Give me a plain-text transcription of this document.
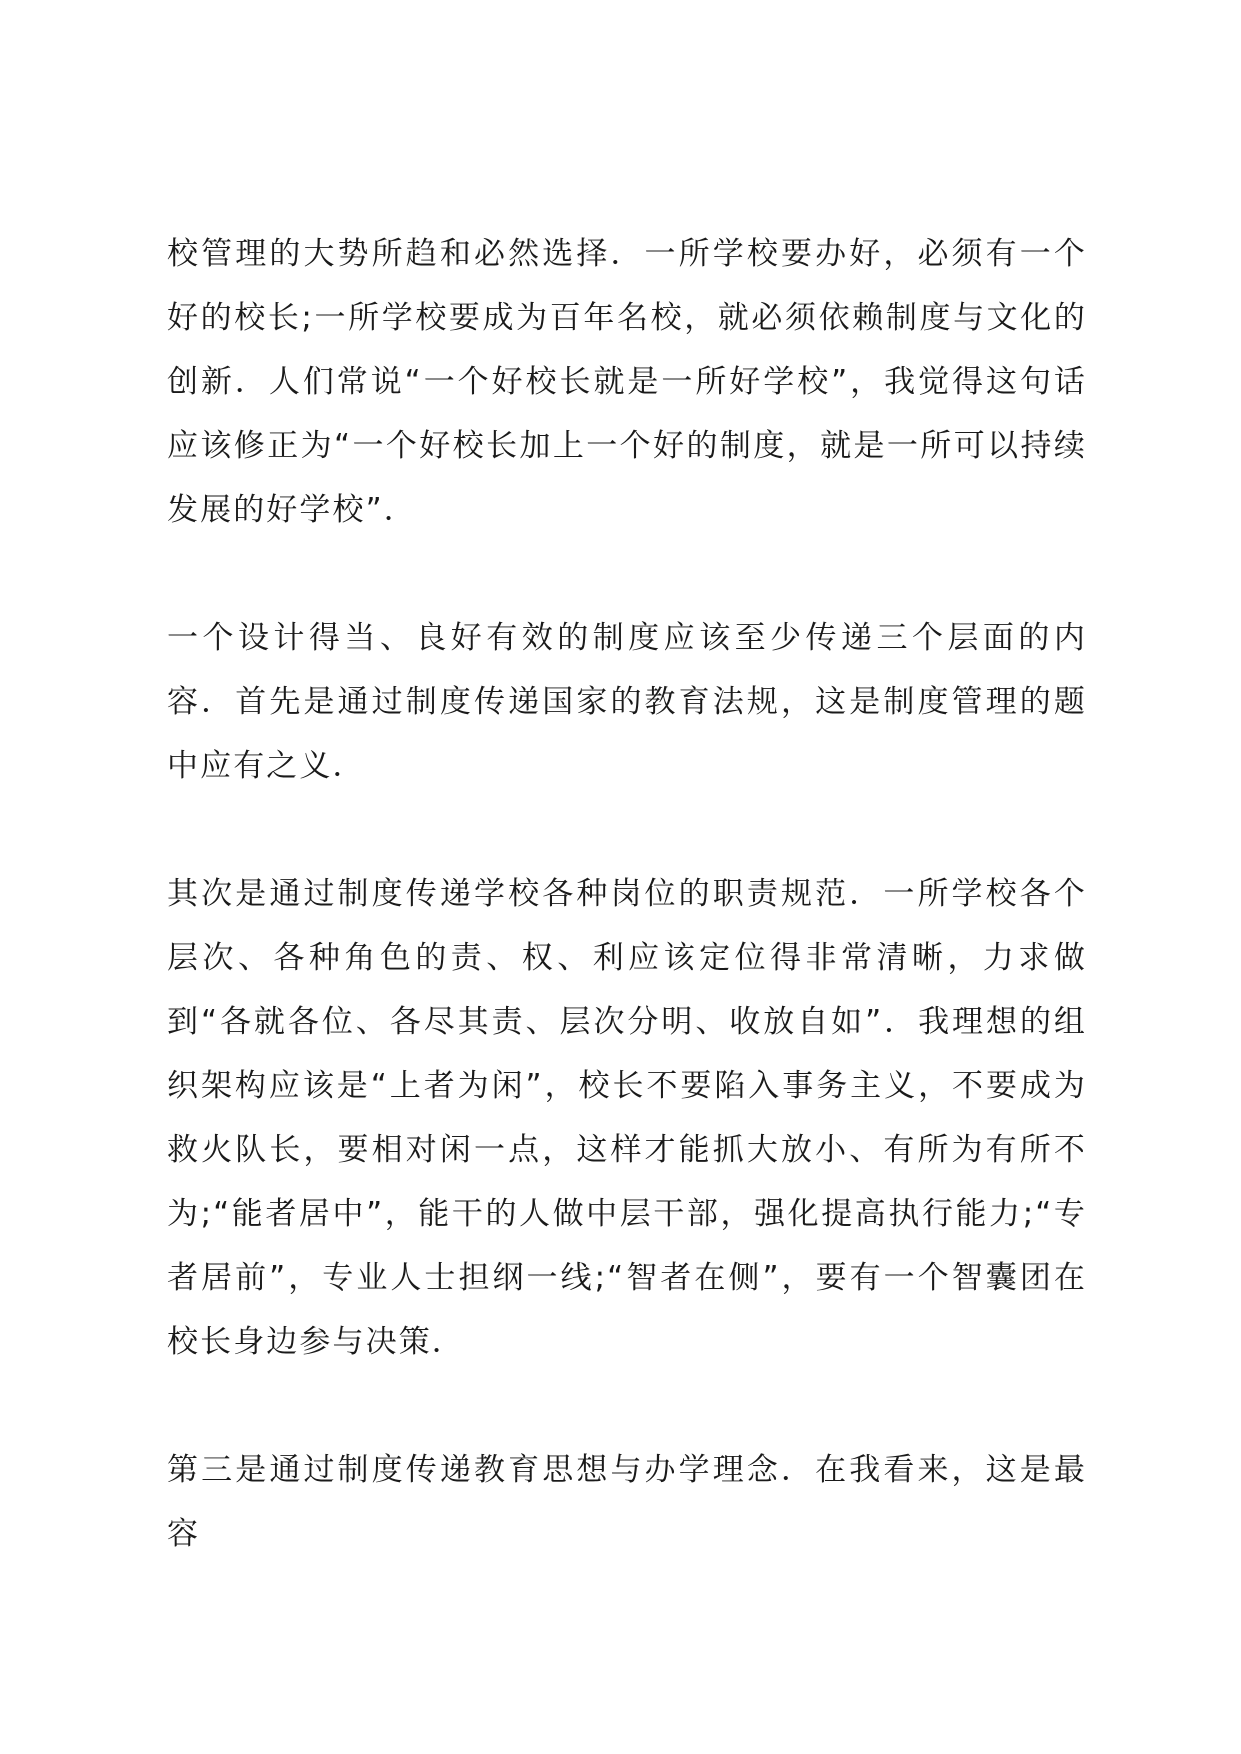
校管理的大势所趋和必然选择．一所学校要办好，必须有一个好的校长;一所学校要成为百年名校，就必须依赖制度与文化的创新．人们常说“一个好校长就是一所好学校”，我觉得这句话应该修正为“一个好校长加上一个好的制度，就是一所可以持续发展的好学校”．

一个设计得当、良好有效的制度应该至少传递三个层面的内容．首先是通过制度传递国家的教育法规，这是制度管理的题中应有之义．

其次是通过制度传递学校各种岗位的职责规范．一所学校各个层次、各种角色的责、权、利应该定位得非常清晰，力求做到“各就各位、各尽其责、层次分明、收放自如”．我理想的组织架构应该是“上者为闲”，校长不要陷入事务主义，不要成为救火队长，要相对闲一点，这样才能抓大放小、有所为有所不为;“能者居中”，能干的人做中层干部，强化提高执行能力;“专者居前”，专业人士担纲一线;“智者在侧”，要有一个智囊团在校长身边参与决策．

第三是通过制度传递教育思想与办学理念．在我看来，这是最容
